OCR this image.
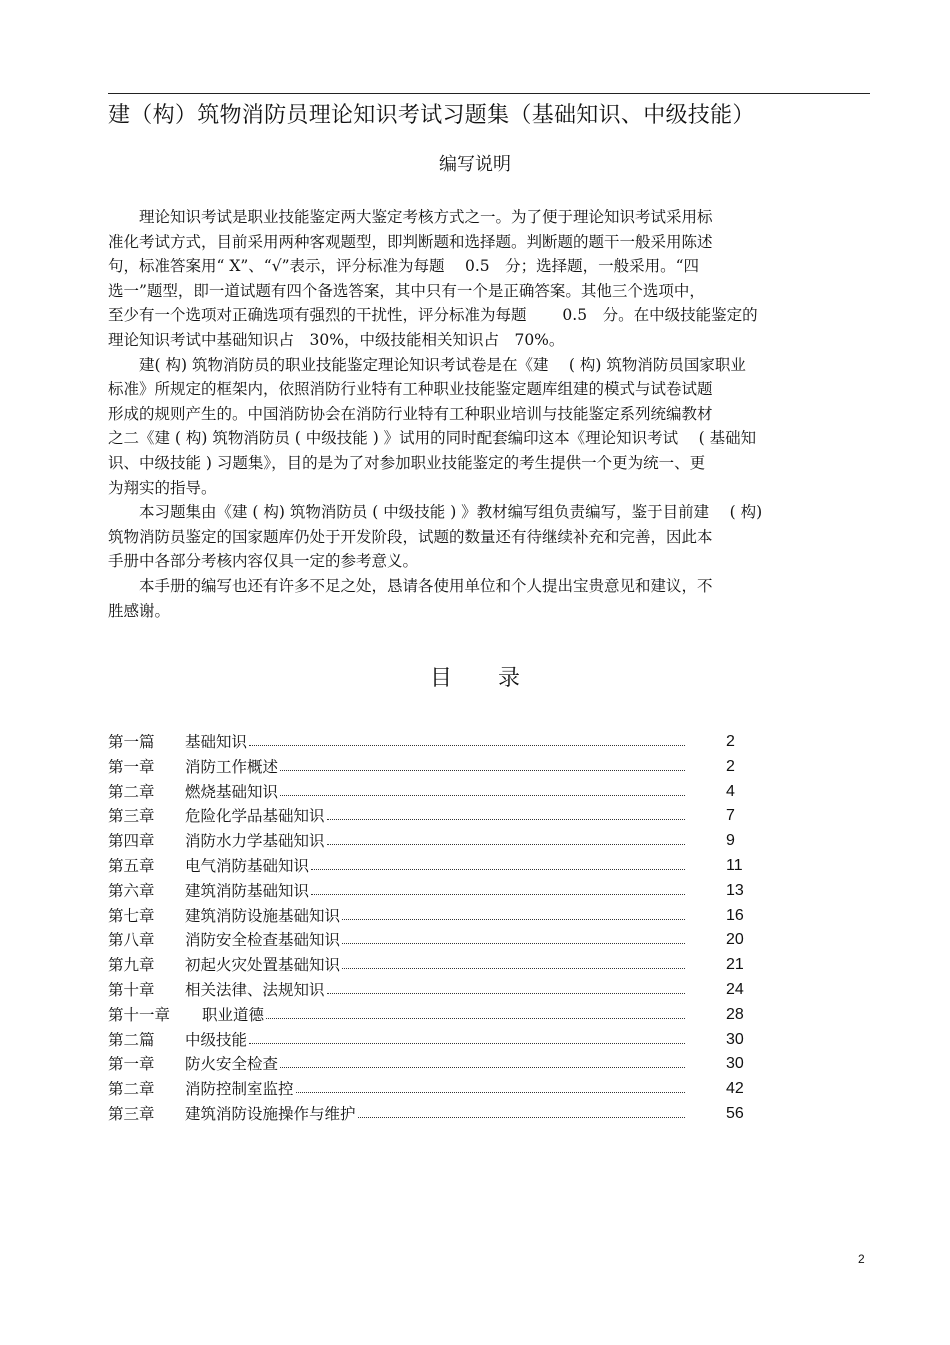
建（构）筑物消防员理论知识考试习题集（基础知识、中级技能）
编写说明
　　理论知识考试是职业技能鉴定两大鉴定考核方式之一。为了便于理论知识考试采用标
准化考试方式，目前采用两种客观题型，即判断题和选择题。判断题的题干一般采用陈述
句，标准答案用“ X”、“√”表示，评分标准为每题　 0.5　分；选择题，一般采用。“四
选一”题型，即一道试题有四个备选答案，其中只有一个是正确答案。其他三个选项中，
至少有一个选项对正确选项有强烈的干扰性，评分标准为每题　 　0.5　分。在中级技能鉴定的
理论知识考试中基础知识占　30%，中级技能相关知识占　70%。
　　建( 构) 筑物消防员的职业技能鉴定理论知识考试卷是在《建　 ( 构) 筑物消防员国家职业
标准》所规定的框架内，依照消防行业特有工种职业技能鉴定题库组建的模式与试卷试题
形成的规则产生的。中国消防协会在消防行业特有工种职业培训与技能鉴定系列统编教材
之二《建 ( 构) 筑物消防员 ( 中级技能 ) 》试用的同时配套编印这本《理论知识考试　 ( 基础知
识、中级技能 ) 习题集》，目的是为了对参加职业技能鉴定的考生提供一个更为统一、更
为翔实的指导。
　　本习题集由《建 ( 构) 筑物消防员 ( 中级技能 ) 》教材编写组负责编写，鉴于目前建　 ( 构)
筑物消防员鉴定的国家题库仍处于开发阶段，试题的数量还有待继续补充和完善，因此本
手册中各部分考核内容仅具一定的参考意义。
　　本手册的编写也还有许多不足之处，恳请各使用单位和个人提出宝贵意见和建议，不
胜感谢。
目录
第一篇 基础知识	2
第一章 消防工作概述	2
第二章 燃烧基础知识	4
第三章 危险化学品基础知识	7
第四章 消防水力学基础知识	9
第五章 电气消防基础知识	11
第六章 建筑消防基础知识	13
第七章 建筑消防设施基础知识	16
第八章 消防安全检查基础知识	20
第九章 初起火灾处置基础知识	21
第十章 相关法律、法规知识	24
第十一章 职业道德	28
第二篇 中级技能	30
第一章 防火安全检查	30
第二章 消防控制室监控	42
第三章 建筑消防设施操作与维护	56
2
